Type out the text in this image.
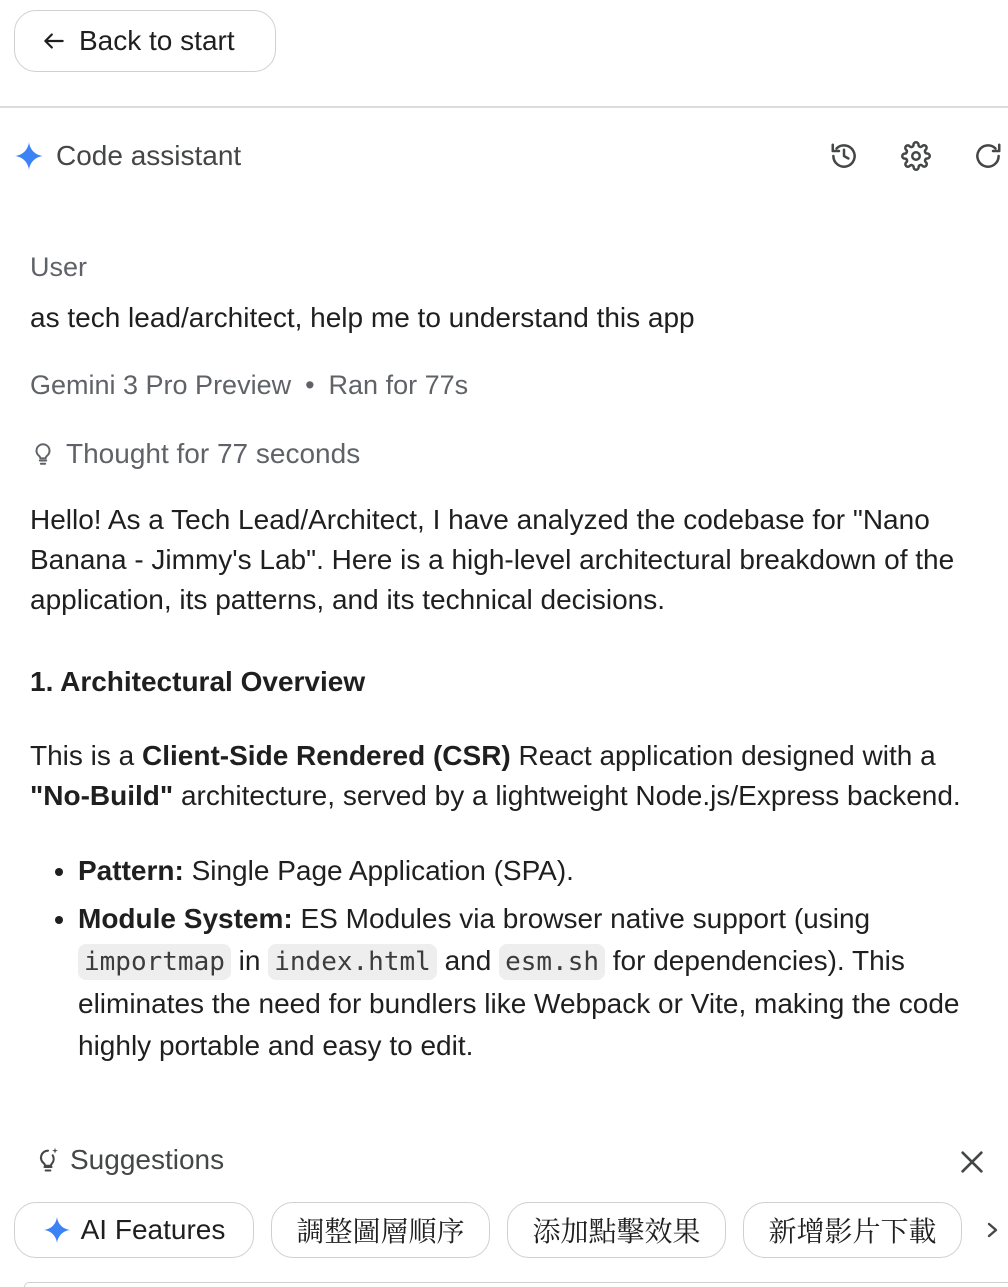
Back to start
Code assistant
User
as tech lead/architect, help me to understand this app
Gemini 3 Pro Preview • Ran for 77s
Thought for 77 seconds

Hello! As a Tech Lead/Architect, I have analyzed the codebase for "Nano Banana - Jimmy's Lab". Here is a high-level architectural breakdown of the application, its patterns, and its technical decisions.

1. Architectural Overview

This is a Client-Side Rendered (CSR) React application designed with a "No-Build" architecture, served by a lightweight Node.js/Express backend.

• Pattern: Single Page Application (SPA).
• Module System: ES Modules via browser native support (using importmap in index.html and esm.sh for dependencies). This eliminates the need for bundlers like Webpack or Vite, making the code highly portable and easy to edit.
Suggestions
AI Features	調整圖層順序 添加點擊效果 新增影片下載
